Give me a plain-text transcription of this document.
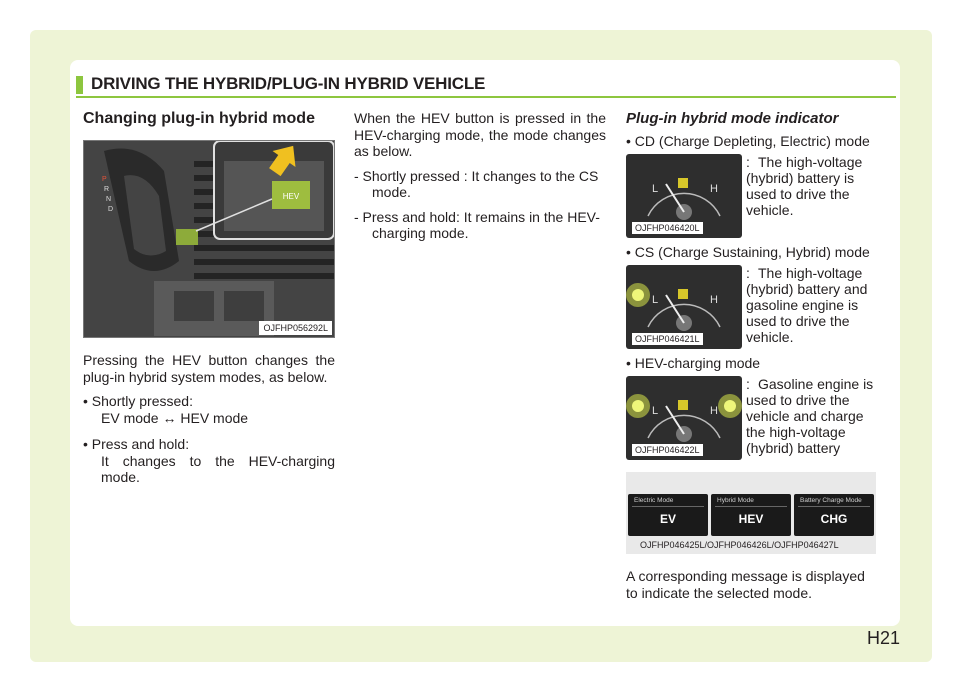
DRIVING THE HYBRID/PLUG-IN HYBRID VEHICLE
Changing plug-in hybrid mode
HEV
P
R
N
D
OJFHP056292L

Pressing the HEV button changes the plug-in hybrid system modes, as below.

• Shortly pressed:
EV mode ↔ HEV mode
• Press and hold:
It changes to the HEV-charging mode.

When the HEV button is pressed in the HEV-charging mode, the mode changes as below.

- Shortly pressed : It changes to the CS mode.
- Press and hold: It remains in the HEV-charging mode.
Plug-in hybrid mode indicator
• CD (Charge Depleting, Electric) mode
L	H
OJFHP046420L
: The high-voltage (hybrid) battery is used to drive the vehicle.
• CS (Charge Sustaining, Hybrid) mode
L	H
OJFHP046421L
: The high-voltage (hybrid) battery and gasoline engine is used to drive the vehicle.
• HEV-charging mode
L	H
OJFHP046422L
: Gasoline engine is used to drive the vehicle and charge the high-voltage (hybrid) battery
Electric Mode
EV
Hybrid Mode
HEV
Battery Charge Mode
CHG
OJFHP046425L/OJFHP046426L/OJFHP046427L
A corresponding message is displayed to indicate the selected mode.
H21
